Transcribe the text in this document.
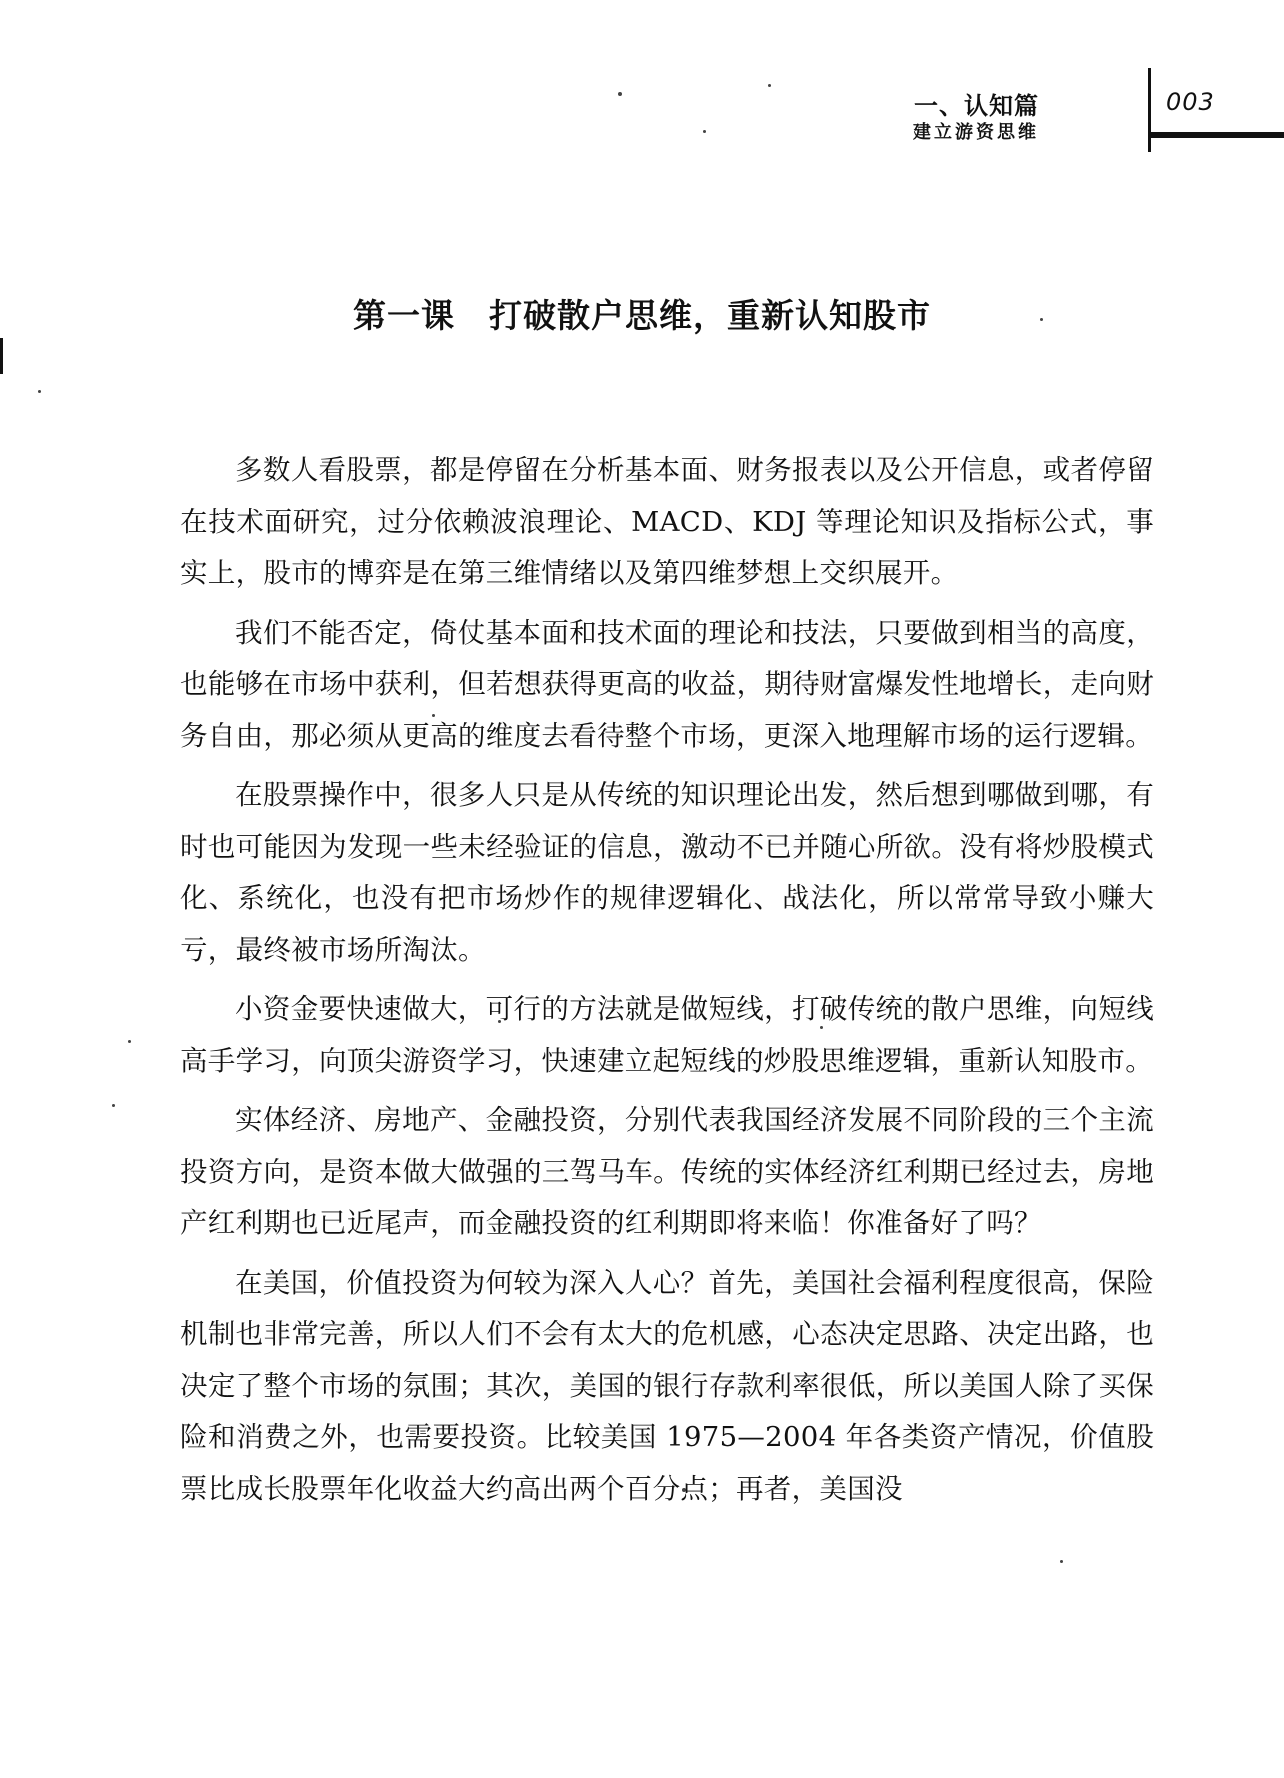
一、认知篇
建立游资思维
003
第一课 打破散户思维，重新认知股市

多数人看股票，都是停留在分析基本面、财务报表以及公开信息，或者停留在技术面研究，过分依赖波浪理论、MACD、KDJ 等理论知识及指标公式，事实上，股市的博弈是在第三维情绪以及第四维梦想上交织展开。

我们不能否定，倚仗基本面和技术面的理论和技法，只要做到相当的高度，也能够在市场中获利，但若想获得更高的收益，期待财富爆发性地增长，走向财务自由，那必须从更高的维度去看待整个市场，更深入地理解市场的运行逻辑。

在股票操作中，很多人只是从传统的知识理论出发，然后想到哪做到哪，有时也可能因为发现一些未经验证的信息，激动不已并随心所欲。没有将炒股模式化、系统化，也没有把市场炒作的规律逻辑化、战法化，所以常常导致小赚大亏，最终被市场所淘汰。

小资金要快速做大，可行的方法就是做短线，打破传统的散户思维，向短线高手学习，向顶尖游资学习，快速建立起短线的炒股思维逻辑，重新认知股市。

实体经济、房地产、金融投资，分别代表我国经济发展不同阶段的三个主流投资方向，是资本做大做强的三驾马车。传统的实体经济红利期已经过去，房地产红利期也已近尾声，而金融投资的红利期即将来临！你准备好了吗？

在美国，价值投资为何较为深入人心？首先，美国社会福利程度很高，保险机制也非常完善，所以人们不会有太大的危机感，心态决定思路、决定出路，也决定了整个市场的氛围；其次，美国的银行存款利率很低，所以美国人除了买保险和消费之外，也需要投资。比较美国 1975—2004 年各类资产情况，价值股票比成长股票年化收益大约高出两个百分点；再者，美国没
